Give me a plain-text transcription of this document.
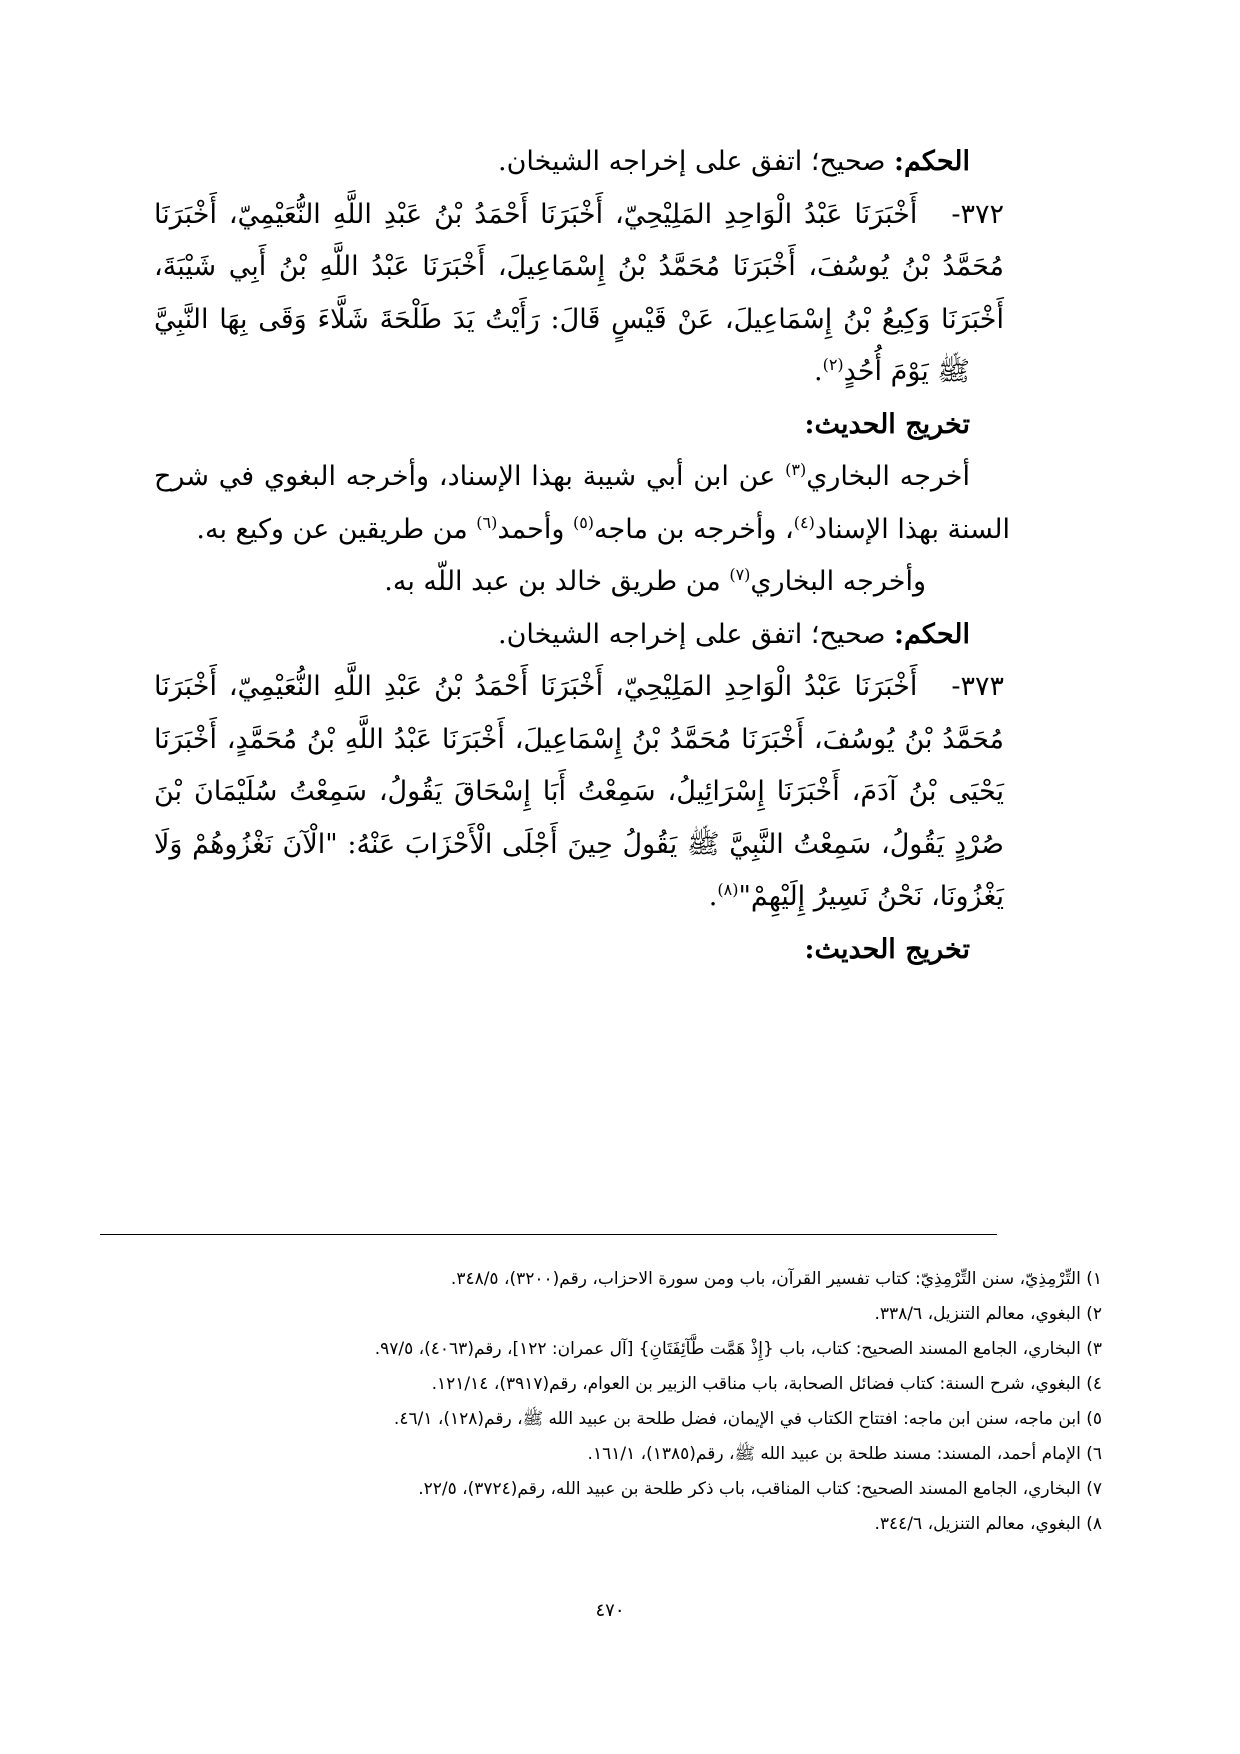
الحكم: صحيح؛ اتفق على إخراجه الشيخان.
٣٧٢-أَخْبَرَنَا عَبْدُ الْوَاحِدِ المَلِيْحِيّ، أَخْبَرَنَا أَحْمَدُ بْنُ عَبْدِ اللَّهِ النُّعَيْمِيّ، أَخْبَرَنَا
مُحَمَّدُ بْنُ يُوسُفَ، أَخْبَرَنَا مُحَمَّدُ بْنُ إِسْمَاعِيلَ، أَخْبَرَنَا عَبْدُ اللَّهِ بْنُ أَبِي شَيْبَةَ،
أَخْبَرَنَا وَكِيعُ بْنُ إِسْمَاعِيلَ، عَنْ قَيْسٍ قَالَ: رَأَيْتُ يَدَ طَلْحَةَ شَلَّاءَ وَقَى بِهَا النَّبِيَّ
ﷺ يَوْمَ أُحُدٍ$^{(٢)}$.
تخريج الحديث:
أخرجه البخاري$^{(٣)}$ عن ابن أبي شيبة بهذا الإسناد، وأخرجه البغوي في شرح
السنة بهذا الإسناد$^{(٤)}$، وأخرجه بن ماجه$^{(٥)}$ وأحمد$^{(٦)}$ من طريقين عن وكيع به.
وأخرجه البخاري$^{(٧)}$ من طريق خالد بن عبد اللّه به.
الحكم: صحيح؛ اتفق على إخراجه الشيخان.
٣٧٣-أَخْبَرَنَا عَبْدُ الْوَاحِدِ المَلِيْحِيّ، أَخْبَرَنَا أَحْمَدُ بْنُ عَبْدِ اللَّهِ النُّعَيْمِيّ، أَخْبَرَنَا
مُحَمَّدُ بْنُ يُوسُفَ، أَخْبَرَنَا مُحَمَّدُ بْنُ إِسْمَاعِيلَ، أَخْبَرَنَا عَبْدُ اللَّهِ بْنُ مُحَمَّدٍ، أَخْبَرَنَا
يَحْيَى بْنُ آدَمَ، أَخْبَرَنَا إِسْرَائِيلُ، سَمِعْتُ أَبَا إِسْحَاقَ يَقُولُ، سَمِعْتُ سُلَيْمَانَ بْنَ
صُرْدٍ يَقُولُ، سَمِعْتُ النَّبِيَّ ﷺ يَقُولُ حِينَ أَجْلَى الْأَحْزَابَ عَنْهُ: "الْآنَ نَغْزُوهُمْ وَلَا
يَغْزُونَا، نَحْنُ نَسِيرُ إِلَيْهِمْ"$^{(٨)}$.
تخريج الحديث:
١) التِّرْمِذِيّ، سنن التِّرْمِذِيّ: كتاب تفسير القرآن، باب ومن سورة الاحزاب، رقم(٣٢٠٠)، ٣٤٨/٥.
٢) البغوي، معالم التنزيل، ٣٣٨/٦.
٣) البخاري، الجامع المسند الصحيح: كتاب، باب {إِذْ هَمَّت طَّآئِفَتَانِ} [آل عمران: ١٢٢]، رقم(٤٠٦٣)، ٩٧/٥.
٤) البغوي، شرح السنة: كتاب فضائل الصحابة، باب مناقب الزبير بن العوام، رقم(٣٩١٧)، ١٢١/١٤.
٥) ابن ماجه، سنن ابن ماجه: افتتاح الكتاب في الإيمان، فضل طلحة بن عبيد الله ﷺ، رقم(١٢٨)، ٤٦/١.
٦) الإمام أحمد، المسند: مسند طلحة بن عبيد الله ﷺ، رقم(١٣٨٥)، ١٦١/١.
٧) البخاري، الجامع المسند الصحيح: كتاب المناقب، باب ذكر طلحة بن عبيد الله، رقم(٣٧٢٤)، ٢٢/٥.
٨) البغوي، معالم التنزيل، ٣٤٤/٦.
٤٧٠
